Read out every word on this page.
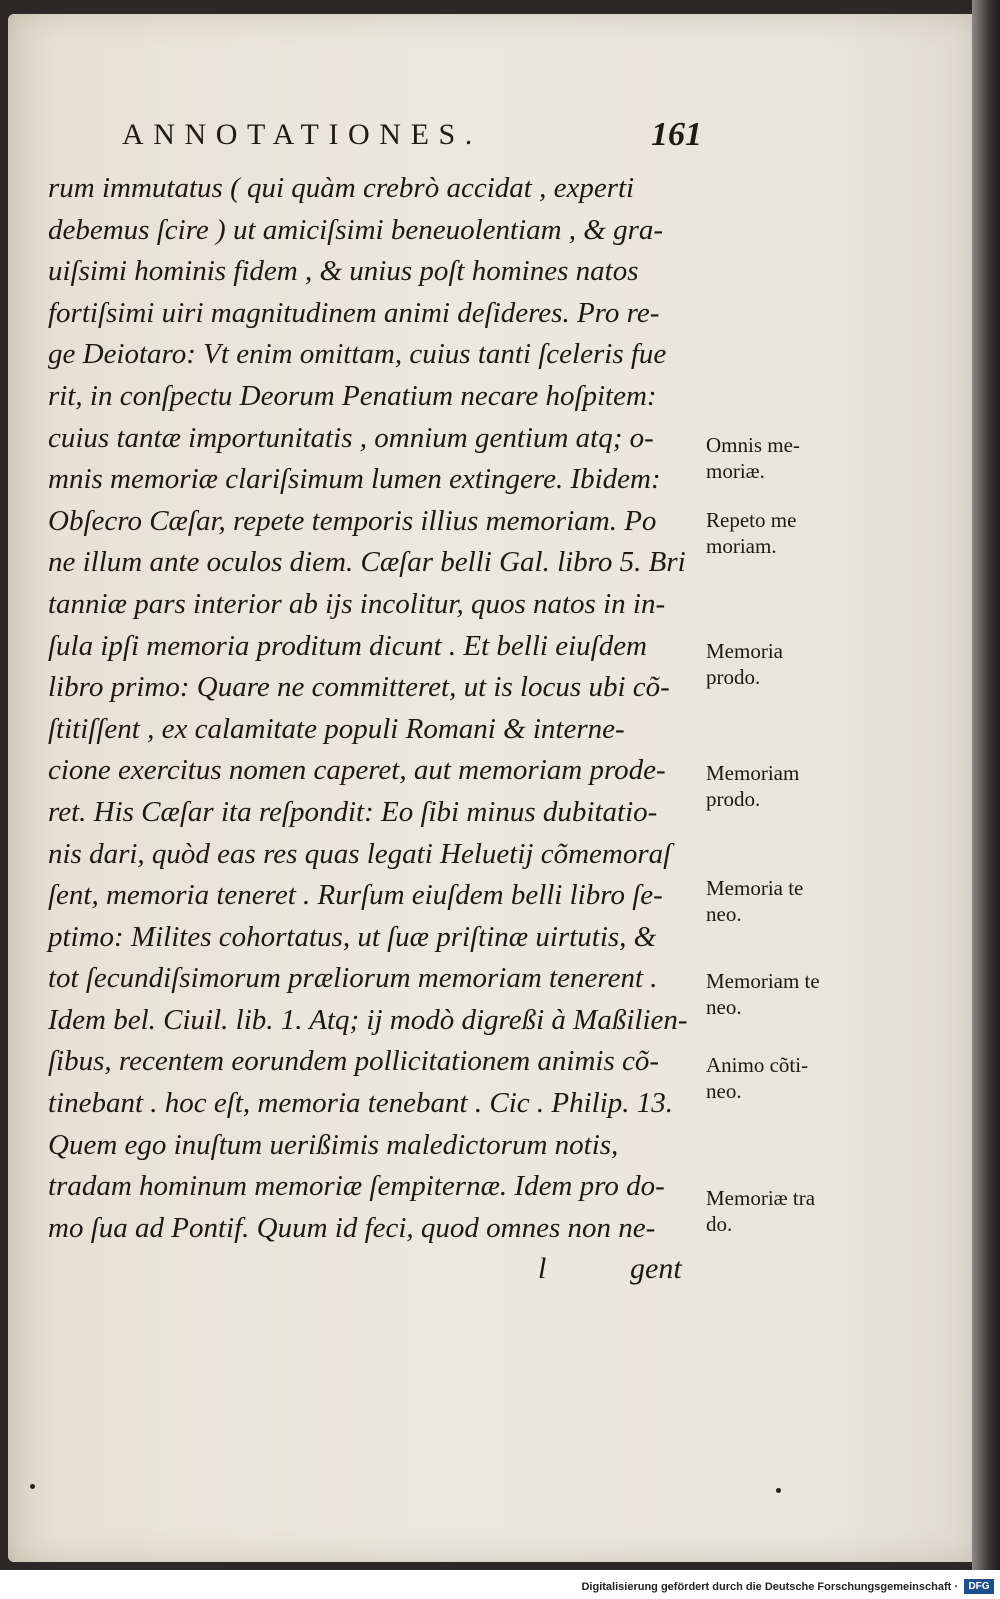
ANNOTATIONES.	161
rum immutatus ( qui quàm crebrò accidat , experti
debemus ſcire ) ut amiciſsimi beneuolentiam , & gra-
uiſsimi hominis fidem , & unius poſt homines natos
fortiſsimi uiri magnitudinem animi deſideres. Pro re-
ge Deiotaro: Vt enim omittam, cuius tanti ſceleris fue
rit, in conſpectu Deorum Penatium necare hoſpitem:
cuius tantæ importunitatis , omnium gentium atq; o-
mnis memoriæ clariſsimum lumen extingere. Ibidem:
Obſecro Cæſar, repete temporis illius memoriam. Po
ne illum ante oculos diem. Cæſar belli Gal. libro 5. Bri
tanniæ pars interior ab ijs incolitur, quos natos in in-
ſula ipſi memoria proditum dicunt . Et belli eiuſdem
libro primo: Quare ne committeret, ut is locus ubi cõ-
ſtitiſſent , ex calamitate populi Romani & interne-
cione exercitus nomen caperet, aut memoriam prode-
ret. His Cæſar ita reſpondit: Eo ſibi minus dubitatio-
nis dari, quòd eas res quas legati Heluetij cõmemoraſ
ſent, memoria teneret . Rurſum eiuſdem belli libro ſe-
ptimo: Milites cohortatus, ut ſuæ priſtinæ uirtutis, &
tot ſecundiſsimorum præliorum memoriam tenerent .
Idem bel. Ciuil. lib. 1. Atq; ij modò digreßi à Maßilien-
ſibus, recentem eorundem pollicitationem animis cõ-
tinebant . hoc eſt, memoria tenebant . Cic . Philip. 13.
Quem ego inuſtum uerißimis maledictorum notis,
tradam hominum memoriæ ſempiternæ. Idem pro do-
mo ſua ad Pontif. Quum id feci, quod omnes non ne-
l	gent
Omnis me-
moriæ.
Repeto me
moriam.
Memoria
prodo.
Memoriam
prodo.
Memoria te
neo.
Memoriam te
neo.
Animo cõti-
neo.
Memoriæ tra
do.
Digitalisierung gefördert durch die Deutsche Forschungsgemeinschaft ·	DFG
